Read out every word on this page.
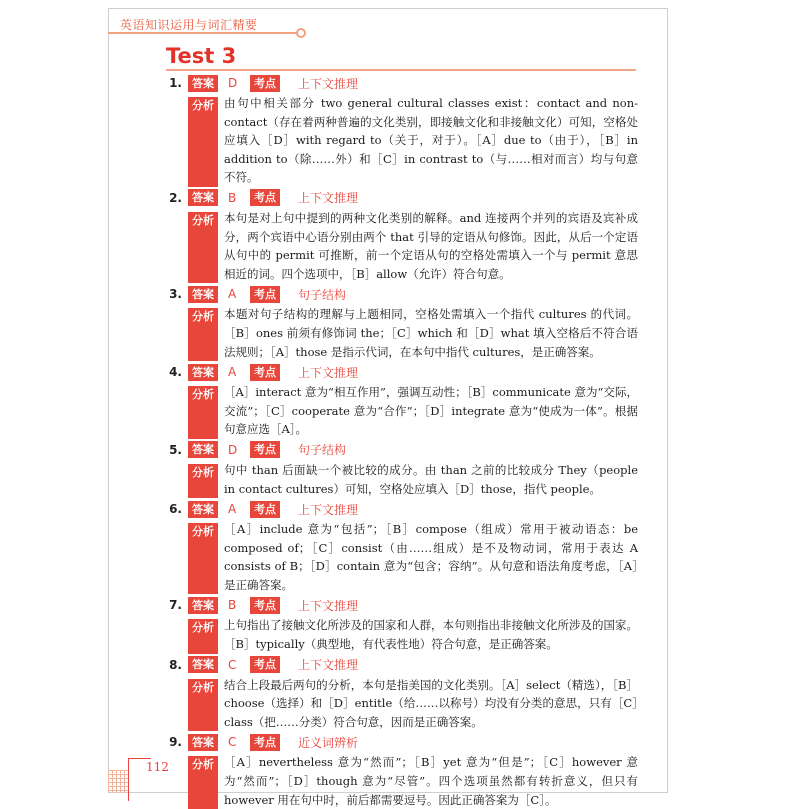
英语知识运用与词汇精要
Test 3
1. 答案	D	考点	上下文推理
分析 由句中相关部分 two general cultural classes exist：contact and non-contact（存在着两种普遍的文化类别，即接触文化和非接触文化）可知，空格处应填入［D］with regard to（关于，对于）。［A］due to（由于），［B］in addition to（除……外）和［C］in contrast to（与……相对而言）均与句意不符。
2. 答案	B	考点	上下文推理
分析 本句是对上句中提到的两种文化类别的解释。and 连接两个并列的宾语及宾补成分，两个宾语中心语分别由两个 that 引导的定语从句修饰。因此，从后一个定语从句中的 permit 可推断，前一个定语从句的空格处需填入一个与 permit 意思相近的词。四个选项中，［B］allow（允许）符合句意。
3. 答案	A	考点	句子结构
分析 本题对句子结构的理解与上题相同，空格处需填入一个指代 cultures 的代词。［B］ones 前须有修饰词 the；［C］which 和［D］what 填入空格后不符合语法规则；［A］those 是指示代词，在本句中指代 cultures，是正确答案。
4. 答案	A	考点	上下文推理
分析 ［A］interact 意为“相互作用”，强调互动性；［B］communicate 意为“交际，交流”；［C］cooperate 意为“合作”；［D］integrate 意为“使成为一体”。根据句意应选［A］。
5. 答案	D	考点	句子结构
分析 句中 than 后面缺一个被比较的成分。由 than 之前的比较成分 They（people in contact cultures）可知，空格处应填入［D］those，指代 people。
6. 答案	A	考点	上下文推理
分析 ［A］include 意为“包括”；［B］compose（组成）常用于被动语态：be composed of；［C］consist（由……组成）是不及物动词，常用于表达 A consists of B；［D］contain 意为“包含；容纳”。从句意和语法角度考虑，［A］是正确答案。
7. 答案	B	考点	上下文推理
分析 上句指出了接触文化所涉及的国家和人群，本句则指出非接触文化所涉及的国家。［B］typically（典型地，有代表性地）符合句意，是正确答案。
8. 答案	C	考点	上下文推理
分析 结合上段最后两句的分析，本句是指美国的文化类别。［A］select（精选），［B］choose（选择）和［D］entitle（给……以称号）均没有分类的意思，只有［C］class（把……分类）符合句意，因而是正确答案。
9. 答案	C	考点	近义词辨析
分析 ［A］nevertheless 意为“然而”；［B］yet 意为“但是”；［C］however 意为“然而”；［D］though 意为“尽管”。四个选项虽然都有转折意义，但只有 however 用在句中时，前后都需要逗号。因此正确答案为［C］。
112
